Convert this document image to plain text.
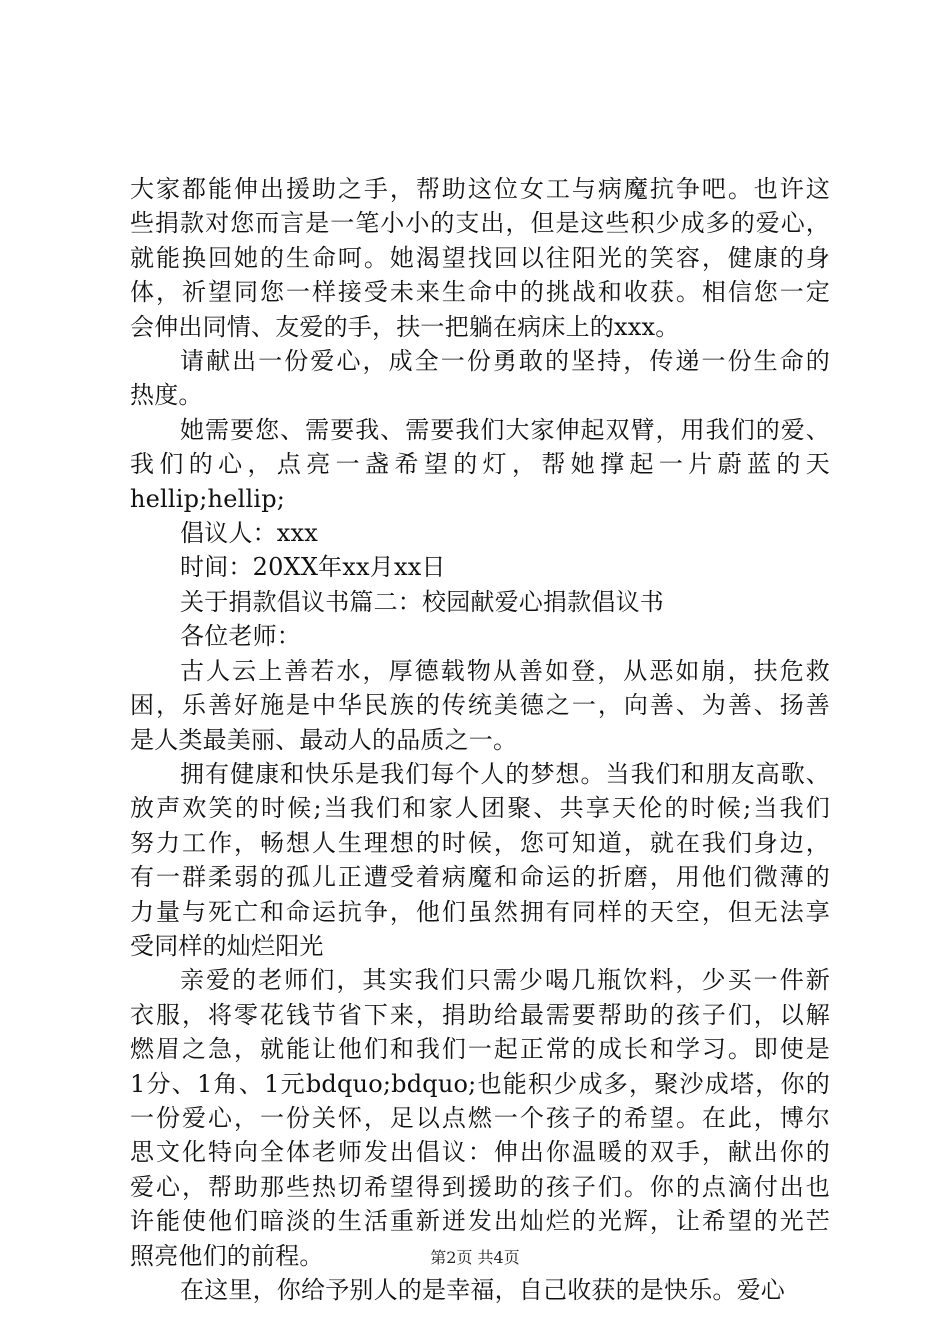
大家都能伸出援助之手，帮助这位女工与病魔抗争吧。也许这
些捐款对您而言是一笔小小的支出，但是这些积少成多的爱心，
就能换回她的生命呵。她渴望找回以往阳光的笑容，健康的身
体，祈望同您一样接受未来生命中的挑战和收获。相信您一定
会伸出同情、友爱的手，扶一把躺在病床上的xxx。
请献出一份爱心，成全一份勇敢的坚持，传递一份生命的
热度。
她需要您、需要我、需要我们大家伸起双臂，用我们的爱、
我们的心，点亮一盏希望的灯，帮她撑起一片蔚蓝的天
hellip;hellip;
倡议人：xxx
时间：20XX年xx月xx日
关于捐款倡议书篇二：校园献爱心捐款倡议书
各位老师：
古人云上善若水，厚德载物从善如登，从恶如崩，扶危救
困，乐善好施是中华民族的传统美德之一，向善、为善、扬善
是人类最美丽、最动人的品质之一。
拥有健康和快乐是我们每个人的梦想。当我们和朋友高歌、
放声欢笑的时候;当我们和家人团聚、共享天伦的时候;当我们
努力工作，畅想人生理想的时候，您可知道，就在我们身边，
有一群柔弱的孤儿正遭受着病魔和命运的折磨，用他们微薄的
力量与死亡和命运抗争，他们虽然拥有同样的天空，但无法享
受同样的灿烂阳光
亲爱的老师们，其实我们只需少喝几瓶饮料，少买一件新
衣服，将零花钱节省下来，捐助给最需要帮助的孩子们，以解
燃眉之急，就能让他们和我们一起正常的成长和学习。即使是
1分、1角、1元bdquo;bdquo;也能积少成多，聚沙成塔，你的
一份爱心，一份关怀，足以点燃一个孩子的希望。在此，博尔
思文化特向全体老师发出倡议：伸出你温暖的双手，献出你的
爱心，帮助那些热切希望得到援助的孩子们。你的点滴付出也
许能使他们暗淡的生活重新迸发出灿烂的光辉，让希望的光芒
照亮他们的前程。
在这里，你给予别人的是幸福，自己收获的是快乐。爱心
第2页 共4页
